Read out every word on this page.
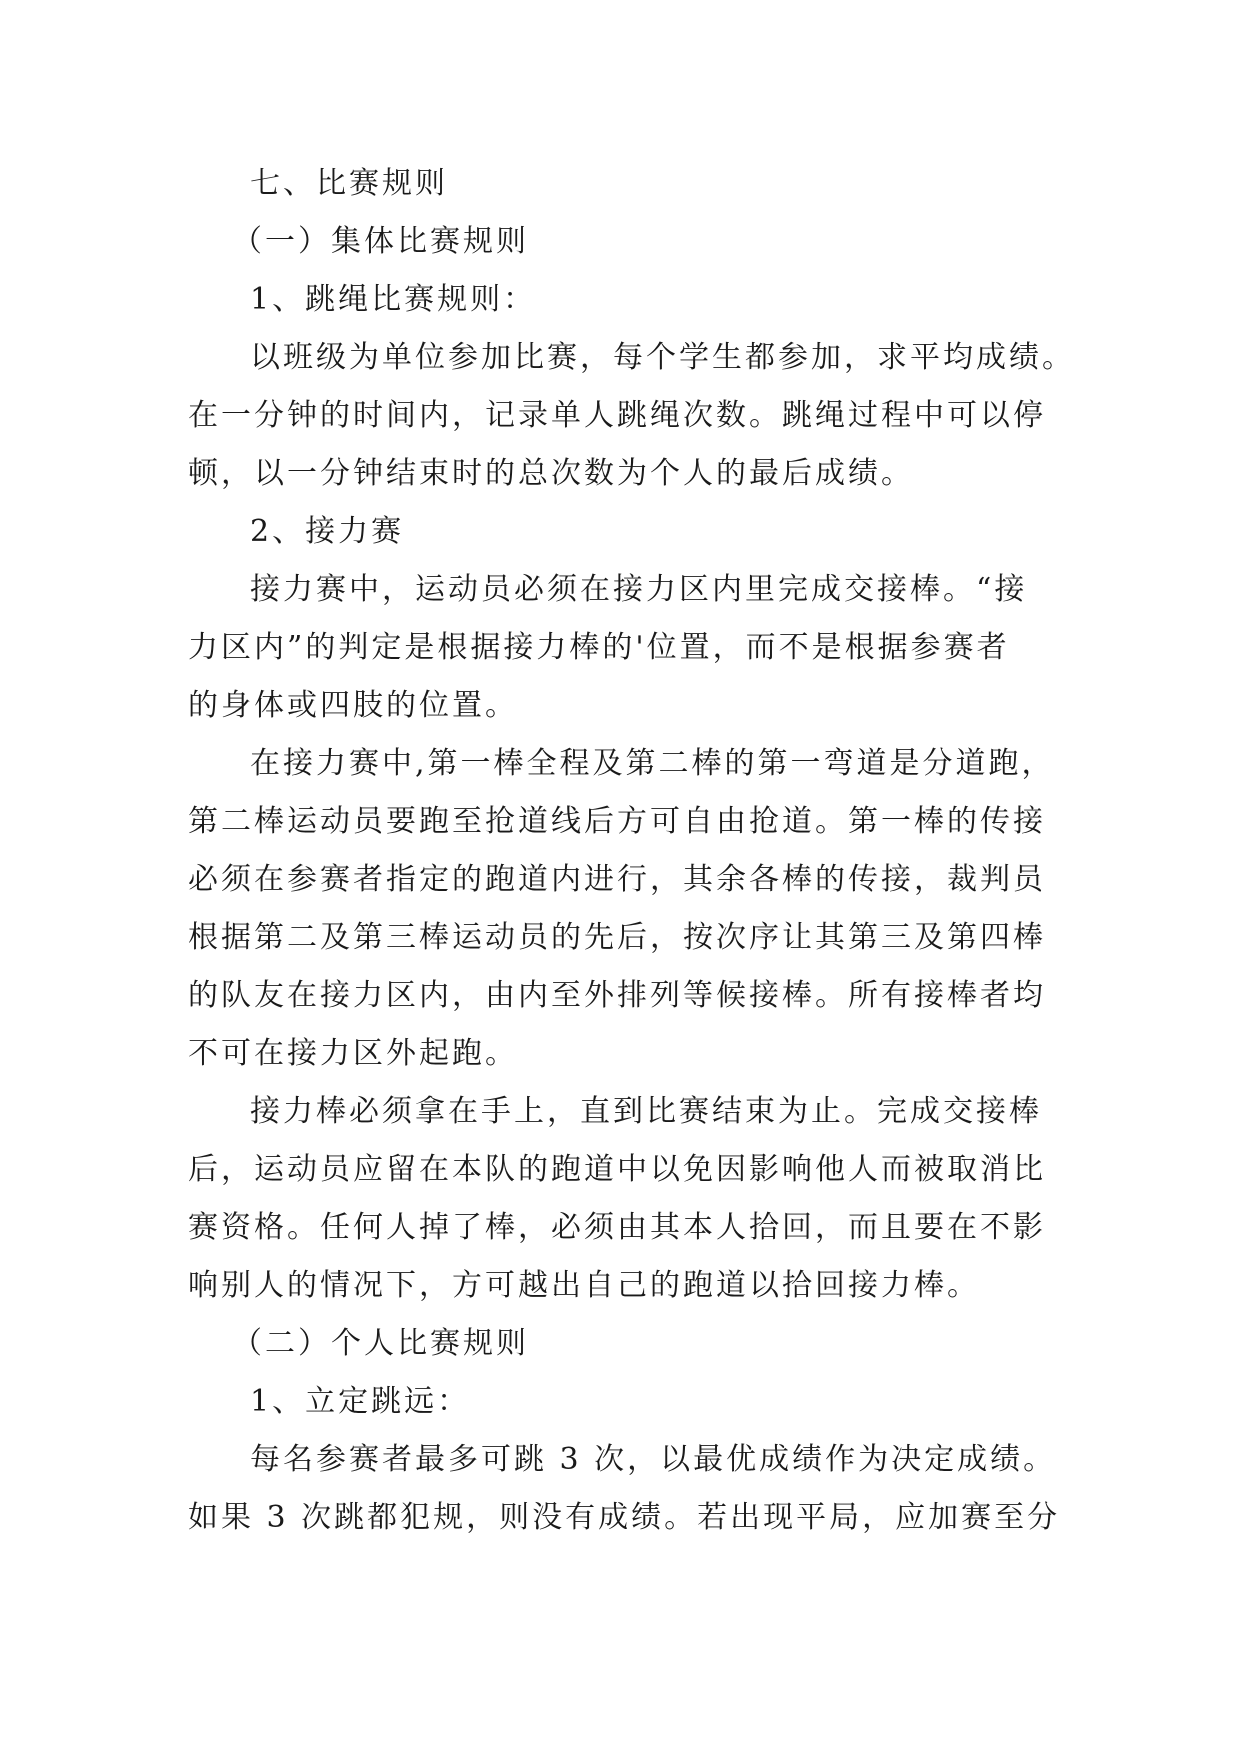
七、比赛规则
（一）集体比赛规则
1、跳绳比赛规则：
以班级为单位参加比赛，每个学生都参加，求平均成绩。
在一分钟的时间内，记录单人跳绳次数。跳绳过程中可以停
顿，以一分钟结束时的总次数为个人的最后成绩。
2、接力赛
接力赛中，运动员必须在接力区内里完成交接棒。“接
力区内”的判定是根据接力棒的'位置，而不是根据参赛者
的身体或四肢的位置。
在接力赛中,第一棒全程及第二棒的第一弯道是分道跑，
第二棒运动员要跑至抢道线后方可自由抢道。第一棒的传接
必须在参赛者指定的跑道内进行，其余各棒的传接，裁判员
根据第二及第三棒运动员的先后，按次序让其第三及第四棒
的队友在接力区内，由内至外排列等候接棒。所有接棒者均
不可在接力区外起跑。
接力棒必须拿在手上，直到比赛结束为止。完成交接棒
后，运动员应留在本队的跑道中以免因影响他人而被取消比
赛资格。任何人掉了棒，必须由其本人拾回，而且要在不影
响别人的情况下，方可越出自己的跑道以拾回接力棒。
（二）个人比赛规则
1、立定跳远：
每名参赛者最多可跳 3 次，以最优成绩作为决定成绩。
如果 3 次跳都犯规，则没有成绩。若出现平局，应加赛至分
